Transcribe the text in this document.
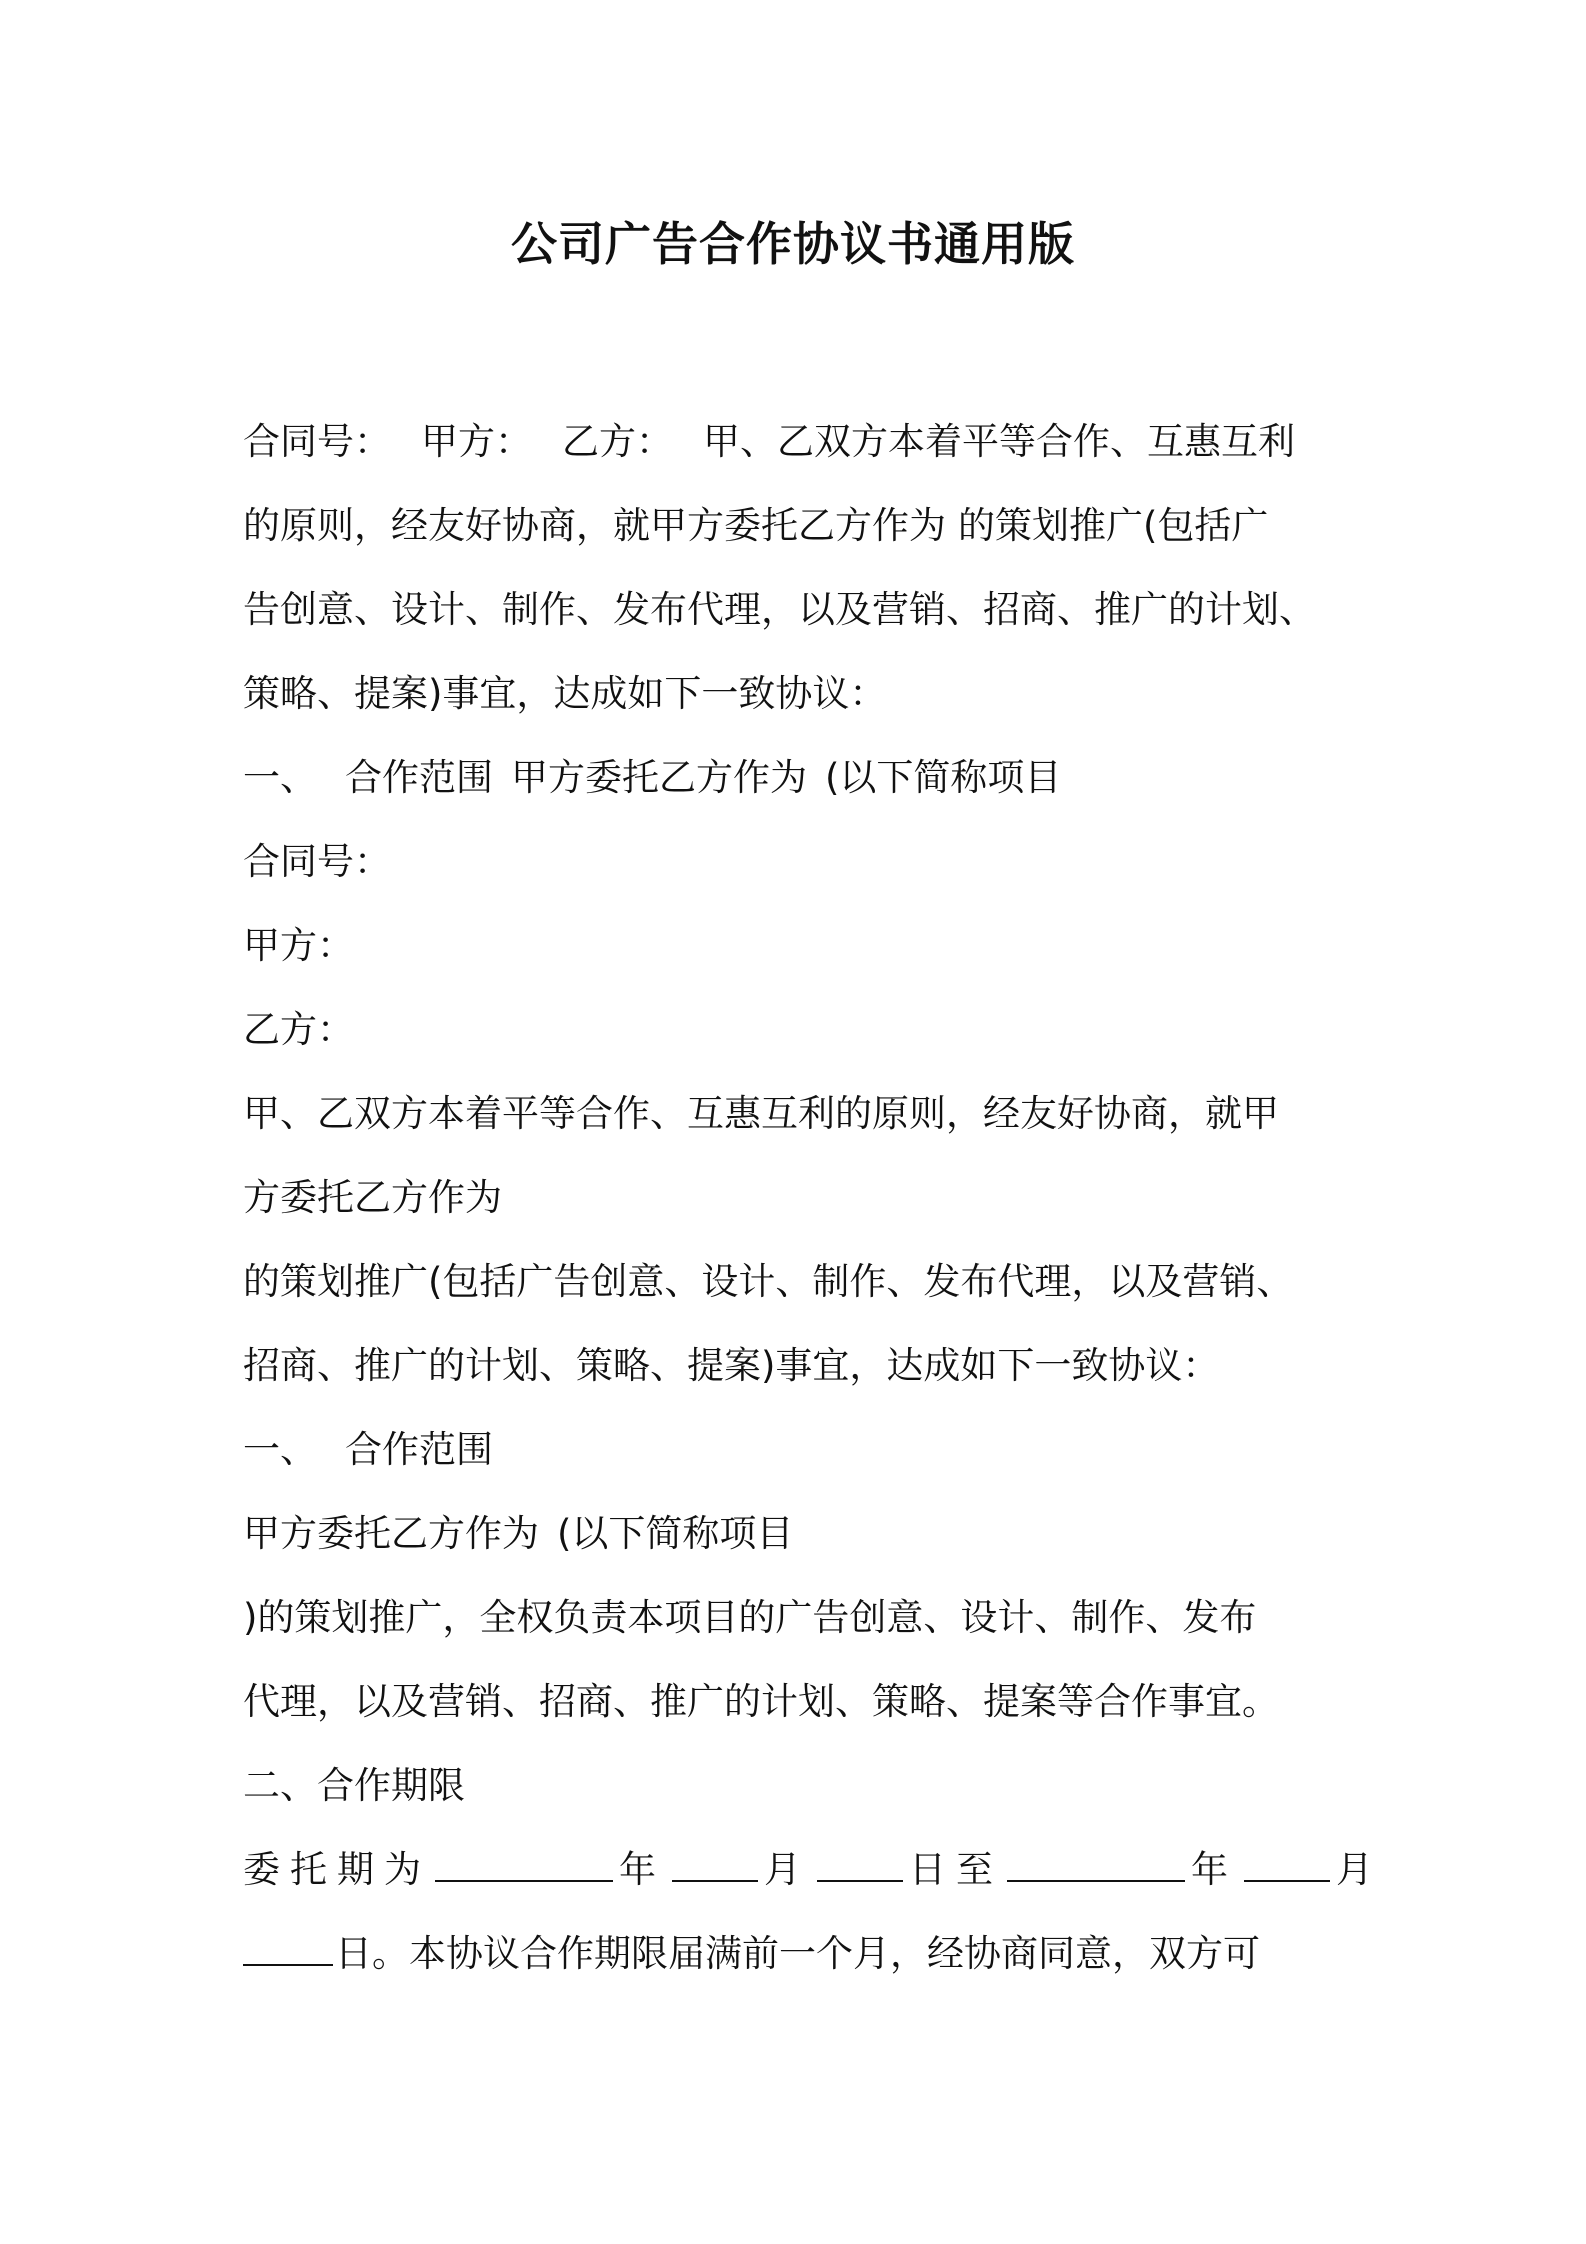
公司广告合作协议书通用版
合同号： 甲方： 乙方： 甲、乙双方本着平等合作、互惠互利
的原则，经友好协商，就甲方委托乙方作为 的策划推广(包括广
告创意、设计、制作、发布代理，以及营销、招商、推广的计划、
策略、提案)事宜，达成如下一致协议：
一、 合作范围 甲方委托乙方作为 (以下简称项目
合同号：
甲方：
乙方：
甲、乙双方本着平等合作、互惠互利的原则，经友好协商，就甲
方委托乙方作为
的策划推广(包括广告创意、设计、制作、发布代理，以及营销、
招商、推广的计划、策略、提案)事宜，达成如下一致协议：
一、 合作范围
甲方委托乙方作为 (以下简称项目
)的策划推广，全权负责本项目的广告创意、设计、制作、发布
代理，以及营销、招商、推广的计划、策略、提案等合作事宜。
二、合作期限
委托期为	年	月	日至	年	月
日。本协议合作期限届满前一个月，经协商同意，双方可
